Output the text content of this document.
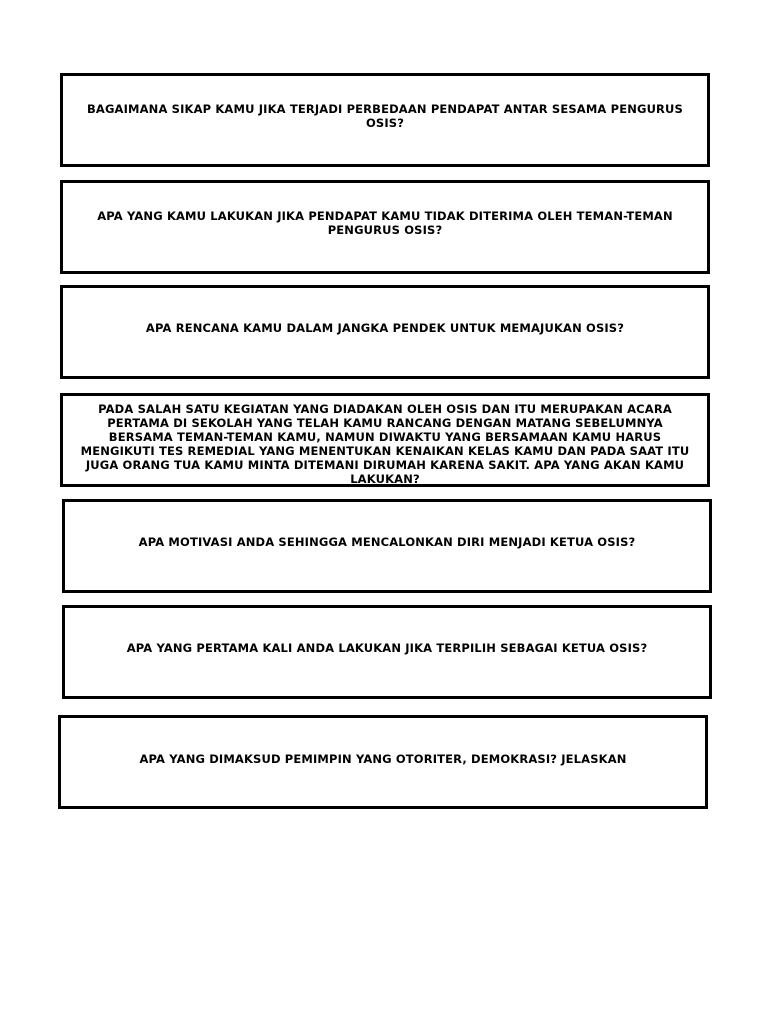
BAGAIMANA SIKAP KAMU JIKA TERJADI PERBEDAAN PENDAPAT ANTAR SESAMA PENGURUS OSIS?
APA YANG KAMU LAKUKAN JIKA PENDAPAT KAMU TIDAK DITERIMA OLEH TEMAN-TEMAN PENGURUS OSIS?
APA RENCANA KAMU DALAM JANGKA PENDEK UNTUK MEMAJUKAN OSIS?
PADA SALAH SATU KEGIATAN YANG DIADAKAN OLEH OSIS DAN ITU MERUPAKAN ACARA PERTAMA DI SEKOLAH YANG TELAH KAMU RANCANG DENGAN MATANG SEBELUMNYA BERSAMA TEMAN-TEMAN KAMU, NAMUN DIWAKTU YANG BERSAMAAN KAMU HARUS MENGIKUTI TES REMEDIAL YANG MENENTUKAN KENAIKAN KELAS KAMU DAN PADA SAAT ITU JUGA ORANG TUA KAMU MINTA DITEMANI DIRUMAH KARENA SAKIT. APA YANG AKAN KAMU LAKUKAN?
APA MOTIVASI ANDA SEHINGGA MENCALONKAN DIRI MENJADI KETUA OSIS?
APA YANG PERTAMA KALI ANDA LAKUKAN JIKA TERPILIH SEBAGAI KETUA OSIS?
APA YANG DIMAKSUD PEMIMPIN YANG OTORITER, DEMOKRASI? JELASKAN
